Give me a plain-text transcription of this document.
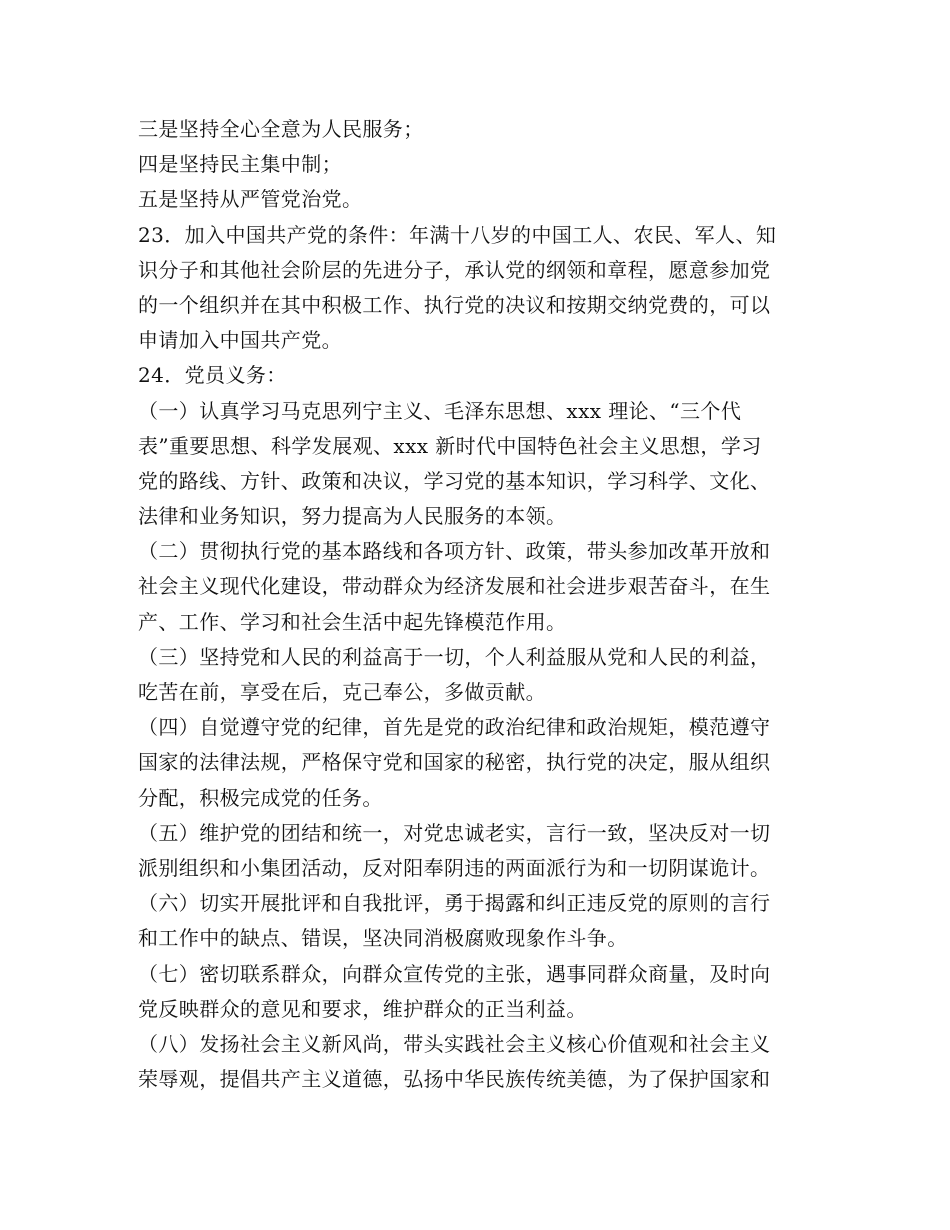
三是坚持全心全意为人民服务；
四是坚持民主集中制；
五是坚持从严管党治党。
23．加入中国共产党的条件：年满十八岁的中国工人、农民、军人、知
识分子和其他社会阶层的先进分子，承认党的纲领和章程，愿意参加党
的一个组织并在其中积极工作、执行党的决议和按期交纳党费的，可以
申请加入中国共产党。
24．党员义务：
（一）认真学习马克思列宁主义、毛泽东思想、xxx 理论、“三个代
表”重要思想、科学发展观、xxx 新时代中国特色社会主义思想，学习
党的路线、方针、政策和决议，学习党的基本知识，学习科学、文化、
法律和业务知识，努力提高为人民服务的本领。
（二）贯彻执行党的基本路线和各项方针、政策，带头参加改革开放和
社会主义现代化建设，带动群众为经济发展和社会进步艰苦奋斗，在生
产、工作、学习和社会生活中起先锋模范作用。
（三）坚持党和人民的利益高于一切，个人利益服从党和人民的利益，
吃苦在前，享受在后，克己奉公，多做贡献。
（四）自觉遵守党的纪律，首先是党的政治纪律和政治规矩，模范遵守
国家的法律法规，严格保守党和国家的秘密，执行党的决定，服从组织
分配，积极完成党的任务。
（五）维护党的团结和统一，对党忠诚老实，言行一致，坚决反对一切
派别组织和小集团活动，反对阳奉阴违的两面派行为和一切阴谋诡计。
（六）切实开展批评和自我批评，勇于揭露和纠正违反党的原则的言行
和工作中的缺点、错误，坚决同消极腐败现象作斗争。
（七）密切联系群众，向群众宣传党的主张，遇事同群众商量，及时向
党反映群众的意见和要求，维护群众的正当利益。
（八）发扬社会主义新风尚，带头实践社会主义核心价值观和社会主义
荣辱观，提倡共产主义道德，弘扬中华民族传统美德，为了保护国家和
